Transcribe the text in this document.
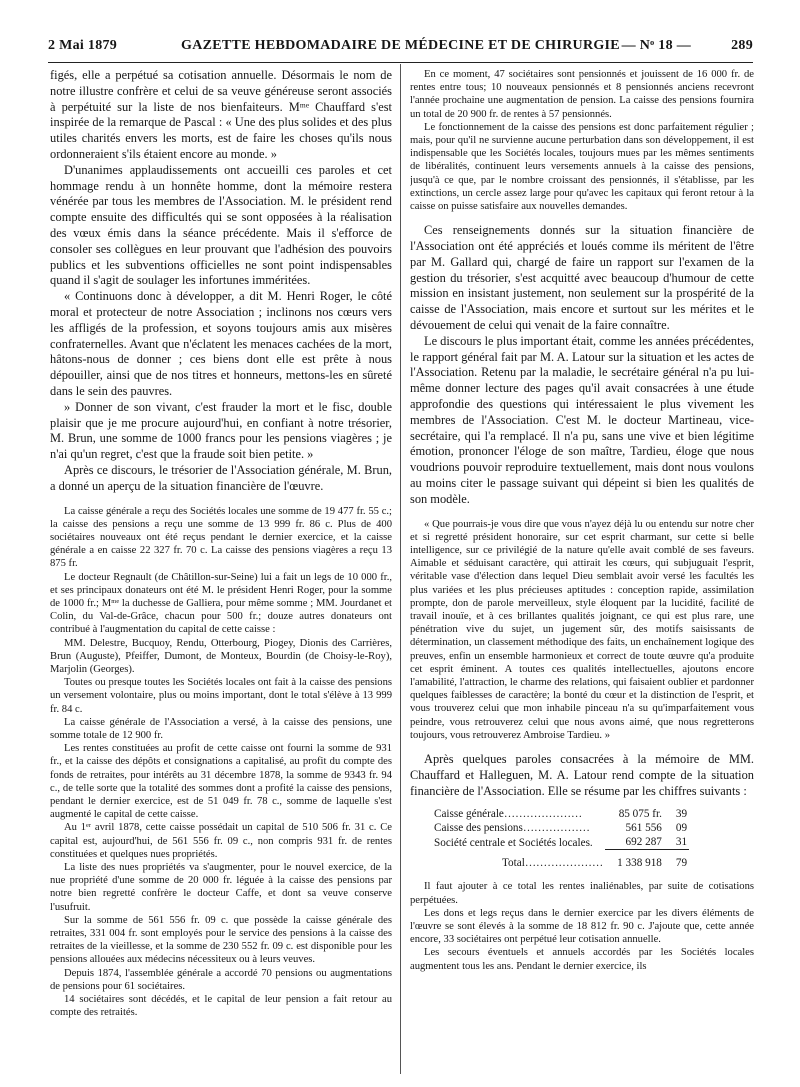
2 Mai 1879	GAZETTE HEBDOMADAIRE DE MÉDECINE ET DE CHIRURGIE — Nᵒ 18 —	289

figés, elle a perpétué sa cotisation annuelle. Désormais le nom de notre illustre confrère et celui de sa veuve généreuse seront associés à perpétuité sur la liste de nos bienfaiteurs. Mᵐᵉ Chauffard s'est inspirée de la remarque de Pascal : « Une des plus solides et des plus utiles charités envers les morts, est de faire les choses qu'ils nous ordonneraient s'ils étaient encore au monde. »

D'unanimes applaudissements ont accueilli ces paroles et cet hommage rendu à un honnête homme, dont la mémoire restera vénérée par tous les membres de l'Association. M. le président rend compte ensuite des difficultés qui se sont opposées à la réalisation des vœux émis dans la séance précédente. Mais il s'efforce de consoler ses collègues en leur prouvant que l'adhésion des pouvoirs publics et les subventions officielles ne sont point indispensables quand il s'agit de soulager les infortunes imméritées.

« Continuons donc à développer, a dit M. Henri Roger, le côté moral et protecteur de notre Association ; inclinons nos cœurs vers les affligés de la profession, et soyons toujours amis aux misères confraternelles. Avant que n'éclatent les menaces cachées de la mort, hâtons-nous de donner ; ces biens dont elle est prête à nous dépouiller, ainsi que de nos titres et honneurs, mettons-les en sûreté dans le sein des pauvres.

» Donner de son vivant, c'est frauder la mort et le fisc, double plaisir que je me procure aujourd'hui, en confiant à notre trésorier, M. Brun, une somme de 1000 francs pour les pensions viagères ; je n'ai qu'un regret, c'est que la fraude soit bien petite. »

Après ce discours, le trésorier de l'Association générale, M. Brun, a donné un aperçu de la situation financière de l'œuvre.

La caisse générale a reçu des Sociétés locales une somme de 19 477 fr. 55 c.; la caisse des pensions a reçu une somme de 13 999 fr. 86 c. Plus de 400 sociétaires nouveaux ont été reçus pendant le dernier exercice, et la caisse générale a en caisse 22 327 fr. 70 c. La caisse des pensions viagères a reçu 13 875 fr.

Le docteur Regnault (de Châtillon-sur-Seine) lui a fait un legs de 10 000 fr., et ses principaux donateurs ont été M. le président Henri Roger, pour la somme de 1000 fr.; Mᵐᵉ la duchesse de Galliera, pour même somme ; MM. Jourdanet et Colin, du Val-de-Grâce, chacun pour 500 fr.; douze autres donateurs ont contribué à l'augmentation du capital de cette caisse :

MM. Delestre, Bucquoy, Rendu, Otterbourg, Piogey, Dionis des Carrières, Brun (Auguste), Pfeiffer, Dumont, de Monteux, Bourdin (de Choisy-le-Roy), Marjolin (Georges).

Toutes ou presque toutes les Sociétés locales ont fait à la caisse des pensions un versement volontaire, plus ou moins important, dont le total s'élève à 13 999 fr. 84 c.

La caisse générale de l'Association a versé, à la caisse des pensions, une somme totale de 12 900 fr.

Les rentes constituées au profit de cette caisse ont fourni la somme de 931 fr., et la caisse des dépôts et consignations a capitalisé, au profit du compte des fonds de retraites, pour intérêts au 31 décembre 1878, la somme de 9343 fr. 94 c., de telle sorte que la totalité des sommes dont a profité la caisse des pensions, pendant le dernier exercice, est de 51 049 fr. 78 c., somme de laquelle s'est augmenté le capital de cette caisse.

Au 1ᵉʳ avril 1878, cette caisse possédait un capital de 510 506 fr. 31 c. Ce capital est, aujourd'hui, de 561 556 fr. 09 c., non compris 931 fr. de rentes constituées et quelques nues propriétés.

La liste des nues propriétés va s'augmenter, pour le nouvel exercice, de la nue propriété d'une somme de 20 000 fr. léguée à la caisse des pensions par notre bien regretté confrère le docteur Caffe, et dont sa veuve conserve l'usufruit.

Sur la somme de 561 556 fr. 09 c. que possède la caisse générale des retraites, 331 004 fr. sont employés pour le service des pensions à la caisse des retraites de la vieillesse, et la somme de 230 552 fr. 09 c. est disponible pour les pensions allouées aux médecins nécessiteux ou à leurs veuves.

Depuis 1874, l'assemblée générale a accordé 70 pensions ou augmentations de pensions pour 61 sociétaires.

14 sociétaires sont décédés, et le capital de leur pension a fait retour au compte des retraités.

En ce moment, 47 sociétaires sont pensionnés et jouissent de 16 000 fr. de rentes entre tous; 10 nouveaux pensionnés et 8 pensionnés anciens recevront l'année prochaine une augmentation de pension. La caisse des pensions fournira un total de 20 900 fr. de rentes à 57 pensionnés.

Le fonctionnement de la caisse des pensions est donc parfaitement régulier ; mais, pour qu'il ne survienne aucune perturbation dans son développement, il est indispensable que les Sociétés locales, toujours mues par les mêmes sentiments de libéralités, continuent leurs versements annuels à la caisse des pensions, jusqu'à ce que, par le nombre croissant des pensionnés, il s'établisse, par les extinctions, un cercle assez large pour qu'avec les capitaux qui feront retour à la caisse on puisse satisfaire aux nouvelles demandes.

Ces renseignements donnés sur la situation financière de l'Association ont été appréciés et loués comme ils méritent de l'être par M. Gallard qui, chargé de faire un rapport sur l'examen de la gestion du trésorier, s'est acquitté avec beaucoup d'humour de cette mission en insistant justement, non seulement sur la prospérité de la caisse de l'Association, mais encore et surtout sur les mérites et le dévouement de celui qui venait de la faire connaître.

Le discours le plus important était, comme les années précédentes, le rapport général fait par M. A. Latour sur la situation et les actes de l'Association. Retenu par la maladie, le secrétaire général n'a pu lui-même donner lecture des pages qu'il avait consacrées à une étude approfondie des questions qui intéressaient le plus vivement les membres de l'Association. C'est M. le docteur Martineau, vice-secrétaire, qui l'a remplacé. Il n'a pu, sans une vive et bien légitime émotion, prononcer l'éloge de son maître, Tardieu, éloge que nous voudrions pouvoir reproduire textuellement, mais dont nous voulons au moins citer le passage suivant qui dépeint si bien les qualités de son modèle.

« Que pourrais-je vous dire que vous n'ayez déjà lu ou entendu sur notre cher et si regretté président honoraire, sur cet esprit charmant, sur cette si belle intelligence, sur ce privilégié de la nature qu'elle avait comblé de ses faveurs. Aimable et séduisant caractère, qui attirait les cœurs, qui subjuguait l'esprit, véritable vase d'élection dans lequel Dieu semblait avoir versé les facultés les plus variées et les plus précieuses aptitudes : conception rapide, assimilation prompte, don de parole merveilleux, style éloquent par la lucidité, facilité de travail inouïe, et à ces brillantes qualités joignant, ce qui est plus rare, une pénétration vive du sujet, un jugement sûr, des motifs saisissants de détermination, un classement méthodique des faits, un enchaînement logique des preuves, enfin un ensemble harmonieux et correct de toute œuvre qu'a produite cet esprit éminent. A toutes ces qualités intellectuelles, ajoutons encore l'amabilité, l'attraction, le charme des relations, qui faisaient oublier et pardonner quelques faiblesses de caractère; la bonté du cœur et la distinction de l'esprit, et vous trouverez celui que mon inhabile pinceau n'a su qu'imparfaitement vous peindre, vous retrouverez celui que nous avons aimé, que nous regretterons toujours, vous retrouverez Ambroise Tardieu. »

Après quelques paroles consacrées à la mémoire de MM. Chauffard et Halleguen, M. A. Latour rend compte de la situation financière de l'Association. Elle se résume par les chiffres suivants :

Caisse générale…………………	85 075 fr.	39
Caisse des pensions………………	561 556	09
Société centrale et Sociétés locales.	692 287	31
Total…………………	1 338 918	79

Il faut ajouter à ce total les rentes inaliénables, par suite de cotisations perpétuées.

Les dons et legs reçus dans le dernier exercice par les divers éléments de l'œuvre se sont élevés à la somme de 18 812 fr. 90 c. J'ajoute que, cette année encore, 33 sociétaires ont perpétué leur cotisation annuelle.

Les secours éventuels et annuels accordés par les Sociétés locales augmentent tous les ans. Pendant le dernier exercice, ils
